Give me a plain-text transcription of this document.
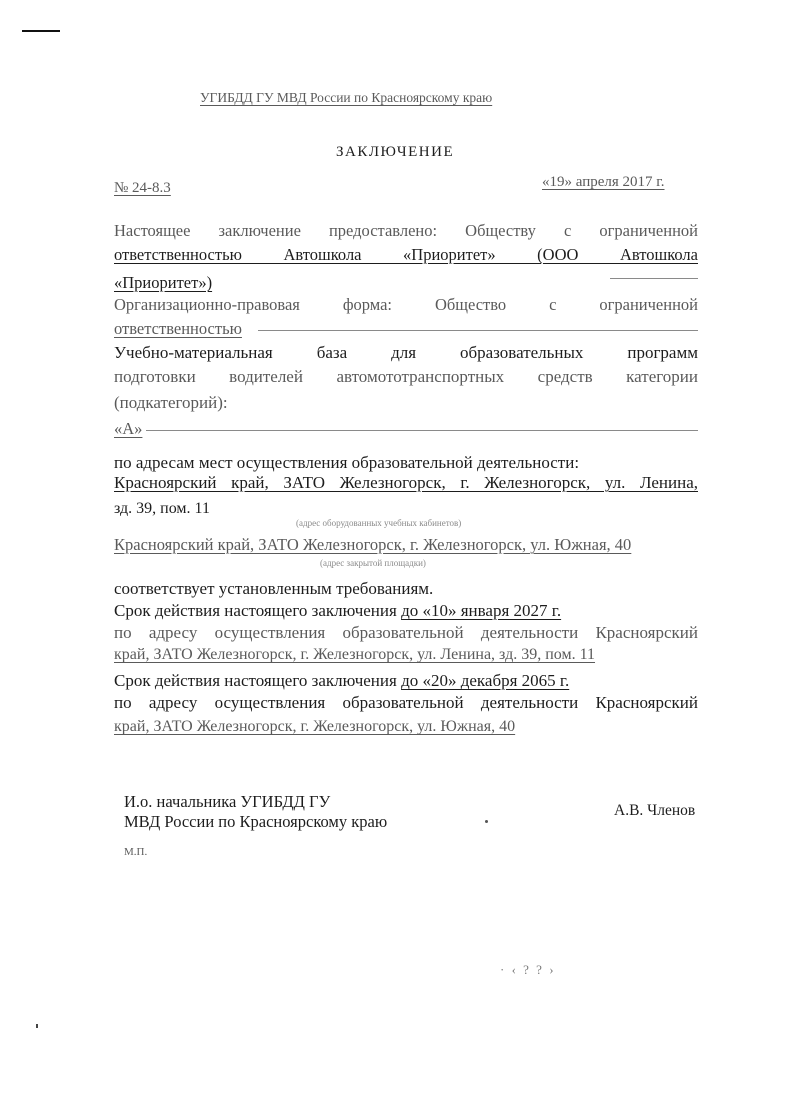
· ‹ ? ? ›
УГИБДД ГУ МВД России по Красноярскому краю
ЗАКЛЮЧЕНИЕ
№ 24-8.3	«19» апреля 2017 г.
Настоящее заключение предоставлено: Обществу с ограниченной
ответственностью Автошкола «Приоритет» (ООО Автошкола
«Приоритет»)
Организационно-правовая форма: Общество с ограниченной
ответственностью
Учебно-материальная база для образовательных программ
подготовки водителей автомототранспортных средств категории
(подкатегорий):
«А»
по адресам мест осуществления образовательной деятельности:
Красноярский край, ЗАТО Железногорск, г. Железногорск, ул. Ленина,
зд. 39, пом. 11
(адрес оборудованных учебных кабинетов)
Красноярский край, ЗАТО Железногорск, г. Железногорск, ул. Южная, 40
(адрес закрытой площадки)
соответствует установленным требованиям.
Срок действия настоящего заключения до «10» января 2027 г.
по адресу осуществления образовательной деятельности Красноярский
край, ЗАТО Железногорск, г. Железногорск, ул. Ленина, зд. 39, пом. 11
Срок действия настоящего заключения до «20» декабря 2065 г.
по адресу осуществления образовательной деятельности Красноярский
край, ЗАТО Железногорск, г. Железногорск, ул. Южная, 40
И.о. начальника УГИБДД ГУ
МВД России по Красноярскому краю
А.В. Членов
М.П.
